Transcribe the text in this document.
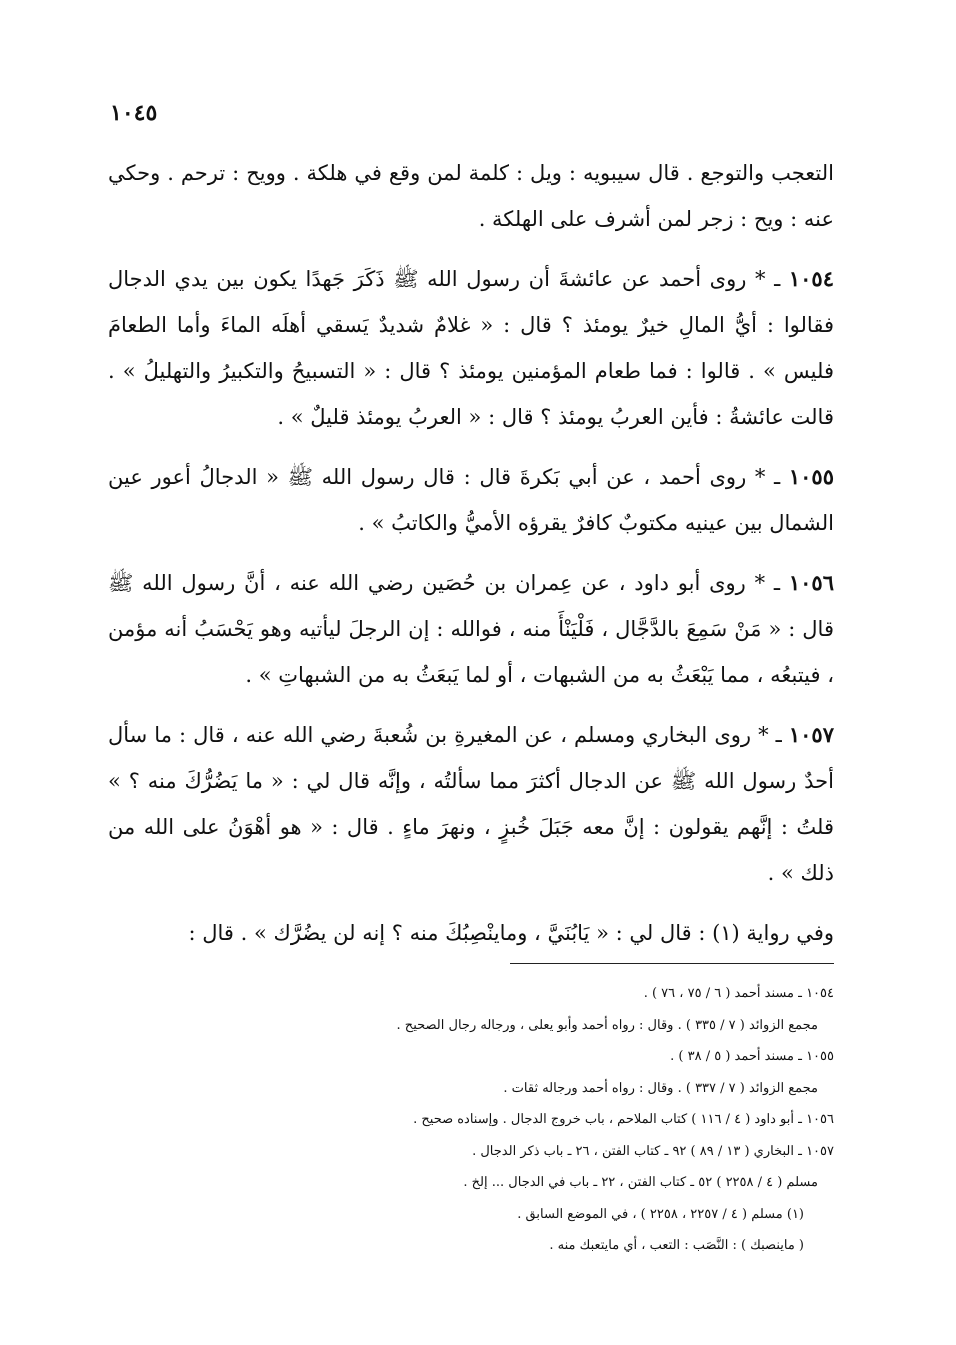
١٠٤٥

التعجب والتوجع . قال سيبويه : ويل : كلمة لمن وقع في هلكة . وويح : ترحم . وحكي عنه : ويح : زجر لمن أشرف على الهلكة .

١٠٥٤ ـ * روى أحمد عن عائشةَ أن رسول الله ﷺ ذَكَرَ جَهدًا يكون بين يدي الدجال فقالوا : أيُّ المالِ خيرٌ يومئذ ؟ قال : « غلامٌ شديدٌ يَسقي أهلَه الماءَ وأما الطعامَ فليس » . قالوا : فما طعام المؤمنين يومئذ ؟ قال : « التسبيحُ والتكبيرُ والتهليلُ » . قالت عائشةُ : فأين العربُ يومئذ ؟ قال : « العربُ يومئذ قليلٌ » .

١٠٥٥ ـ * روى أحمد ، عن أبي بَكرةَ قال : قال رسول الله ﷺ « الدجالُ أعور عين الشمال بين عينيه مكتوبٌ كافرٌ يقرؤه الأميُّ والكاتبُ » .

١٠٥٦ ـ * روى أبو داود ، عن عِمران بن حُصَين رضي الله عنه ، أنَّ رسول الله ﷺ قال : « مَنْ سَمِعَ بالدَّجَّال ، فَلْيَنْأَ منه ، فوالله : إن الرجلَ ليأتيه وهو يَحْسَبُ أنه مؤمن ، فيتبعُه ، مما يَبْعَثُ به من الشبهات ، أو لما يَبعَثُ به من الشبهاتِ » .

١٠٥٧ ـ * روى البخاري ومسلم ، عن المغيرةِ بن شُعبةَ رضي الله عنه ، قال : ما سأل أحدٌ رسول الله ﷺ عن الدجال أكثرَ مما سألتُه ، وإنَّه قال لي : « ما يَضُرُّكَ منه ؟ » قلتُ : إنَّهم يقولون : إنَّ معه جَبَلَ خُبزٍ ، ونهرَ ماءٍ . قال : « هو أهْوَنُ على الله من ذلك » .

وفي رواية (١) : قال لي : « يَابُنَيَّ ، وماينْصِبُكَ منه ؟ إنه لن يضُرَّك » . قال :

١٠٥٤ ـ مسند أحمد ( ٦ / ٧٥ ، ٧٦ ) .
مجمع الزوائد ( ٧ / ٣٣٥ ) . وقال : رواه أحمد وأبو يعلى ، ورجاله رجال الصحيح .
١٠٥٥ ـ مسند أحمد ( ٥ / ٣٨ ) .
مجمع الزوائد ( ٧ / ٣٣٧ ) . وقال : رواه أحمد ورجاله ثقات .
١٠٥٦ ـ أبو داود ( ٤ / ١١٦ ) كتاب الملاحم ، باب خروج الدجال . وإسناده صحيح .
١٠٥٧ ـ البخاري ( ١٣ / ٨٩ ) ٩٢ ـ كتاب الفتن ، ٢٦ ـ باب ذكر الدجال .
مسلم ( ٤ / ٢٢٥٨ ) ٥٢ ـ كتاب الفتن ، ٢٢ ـ باب في الدجال ... إلخ .
(١) مسلم ( ٤ / ٢٢٥٧ ، ٢٢٥٨ ) ، في الموضع السابق .
( ماينصبك ) : النَّصَب : التعب ، أي مايتعبك منه .
